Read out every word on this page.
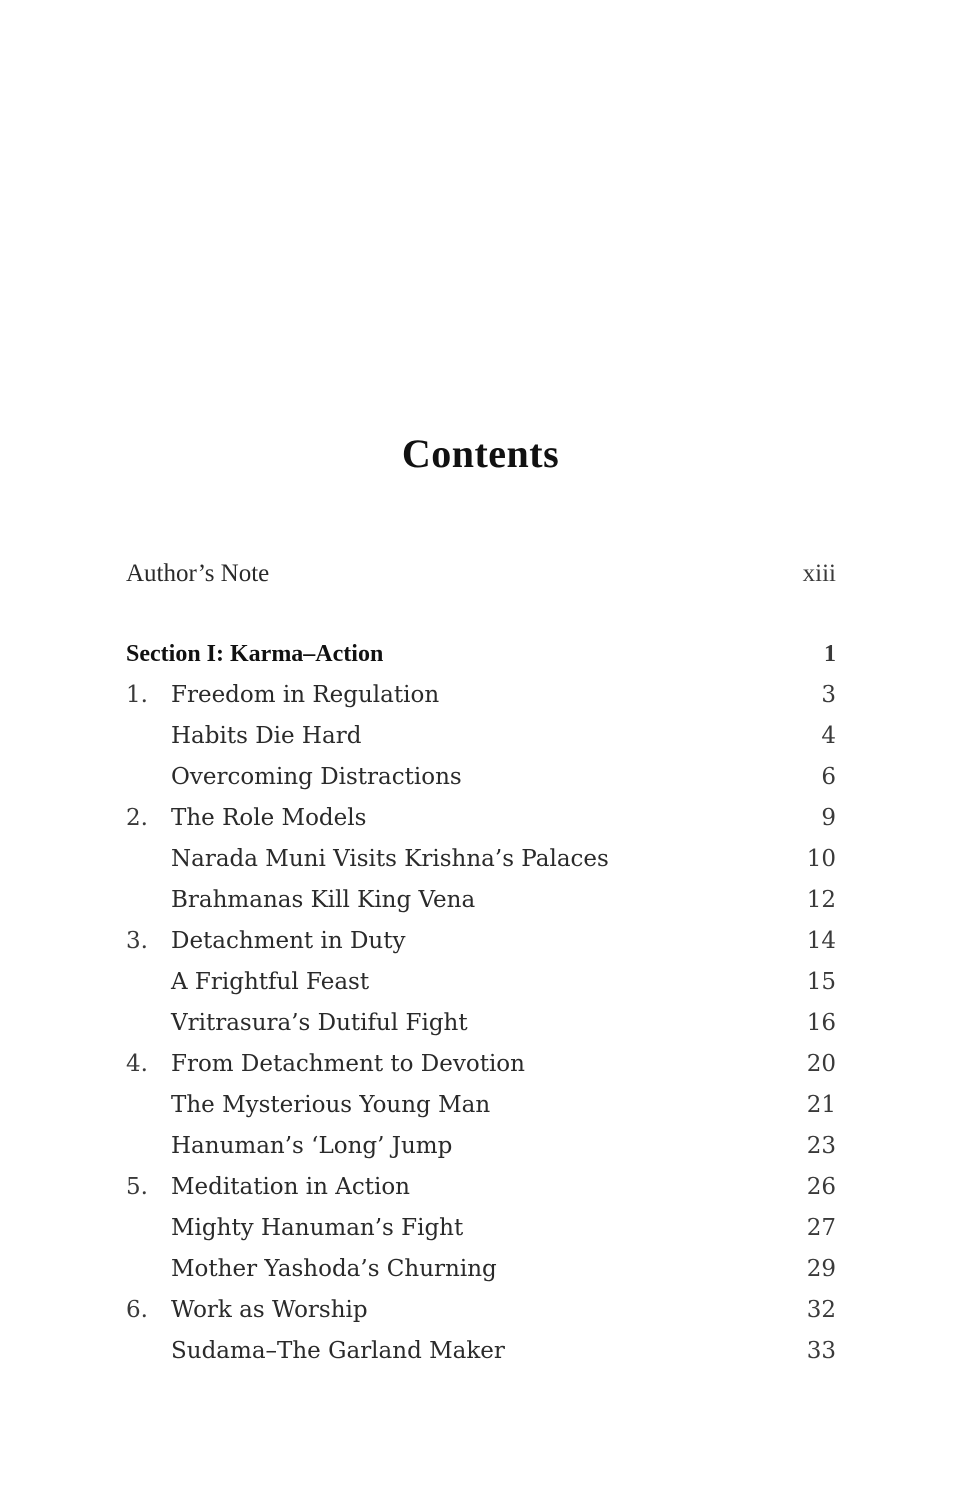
Contents
Author’s Note	xiii
Section I: Karma–Action	1
1.	Freedom in Regulation	3
Habits Die Hard	4
Overcoming Distractions	6
2.	The Role Models	9
Narada Muni Visits Krishna’s Palaces	10
Brahmanas Kill King Vena	12
3.	Detachment in Duty	14
A Frightful Feast	15
Vritrasura’s Dutiful Fight	16
4.	From Detachment to Devotion	20
The Mysterious Young Man	21
Hanuman’s ‘Long’ Jump	23
5.	Meditation in Action	26
Mighty Hanuman’s Fight	27
Mother Yashoda’s Churning	29
6.	Work as Worship	32
Sudama–The Garland Maker	33
